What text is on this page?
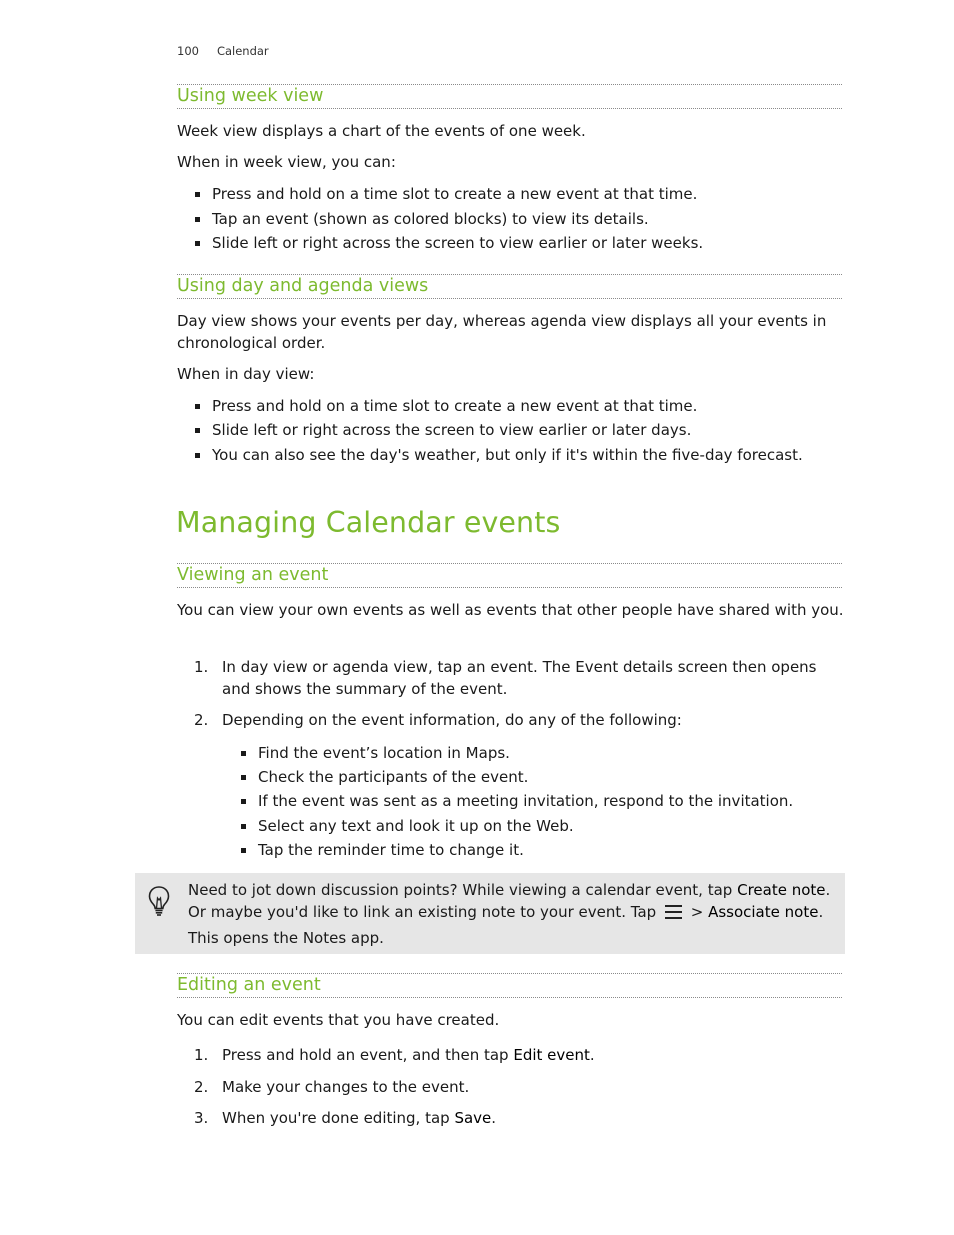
100 Calendar
Using week view
Week view displays a chart of the events of one week.
When in week view, you can:
Press and hold on a time slot to create a new event at that time.
Tap an event (shown as colored blocks) to view its details.
Slide left or right across the screen to view earlier or later weeks.
Using day and agenda views
Day view shows your events per day, whereas agenda view displays all your events in chronological order.
When in day view:
Press and hold on a time slot to create a new event at that time.
Slide left or right across the screen to view earlier or later days.
You can also see the day's weather, but only if it's within the five-day forecast.
Managing Calendar events
Viewing an event
You can view your own events as well as events that other people have shared with you.
1. In day view or agenda view, tap an event. The Event details screen then opens and shows the summary of the event.
2. Depending on the event information, do any of the following:
Find the event’s location in Maps.
Check the participants of the event.
If the event was sent as a meeting invitation, respond to the invitation.
Select any text and look it up on the Web.
Tap the reminder time to change it.
Need to jot down discussion points? While viewing a calendar event, tap Create note. Or maybe you'd like to link an existing note to your event. Tap  > Associate note. This opens the Notes app.
Editing an event
You can edit events that you have created.
1. Press and hold an event, and then tap Edit event.
2. Make your changes to the event.
3. When you're done editing, tap Save.
